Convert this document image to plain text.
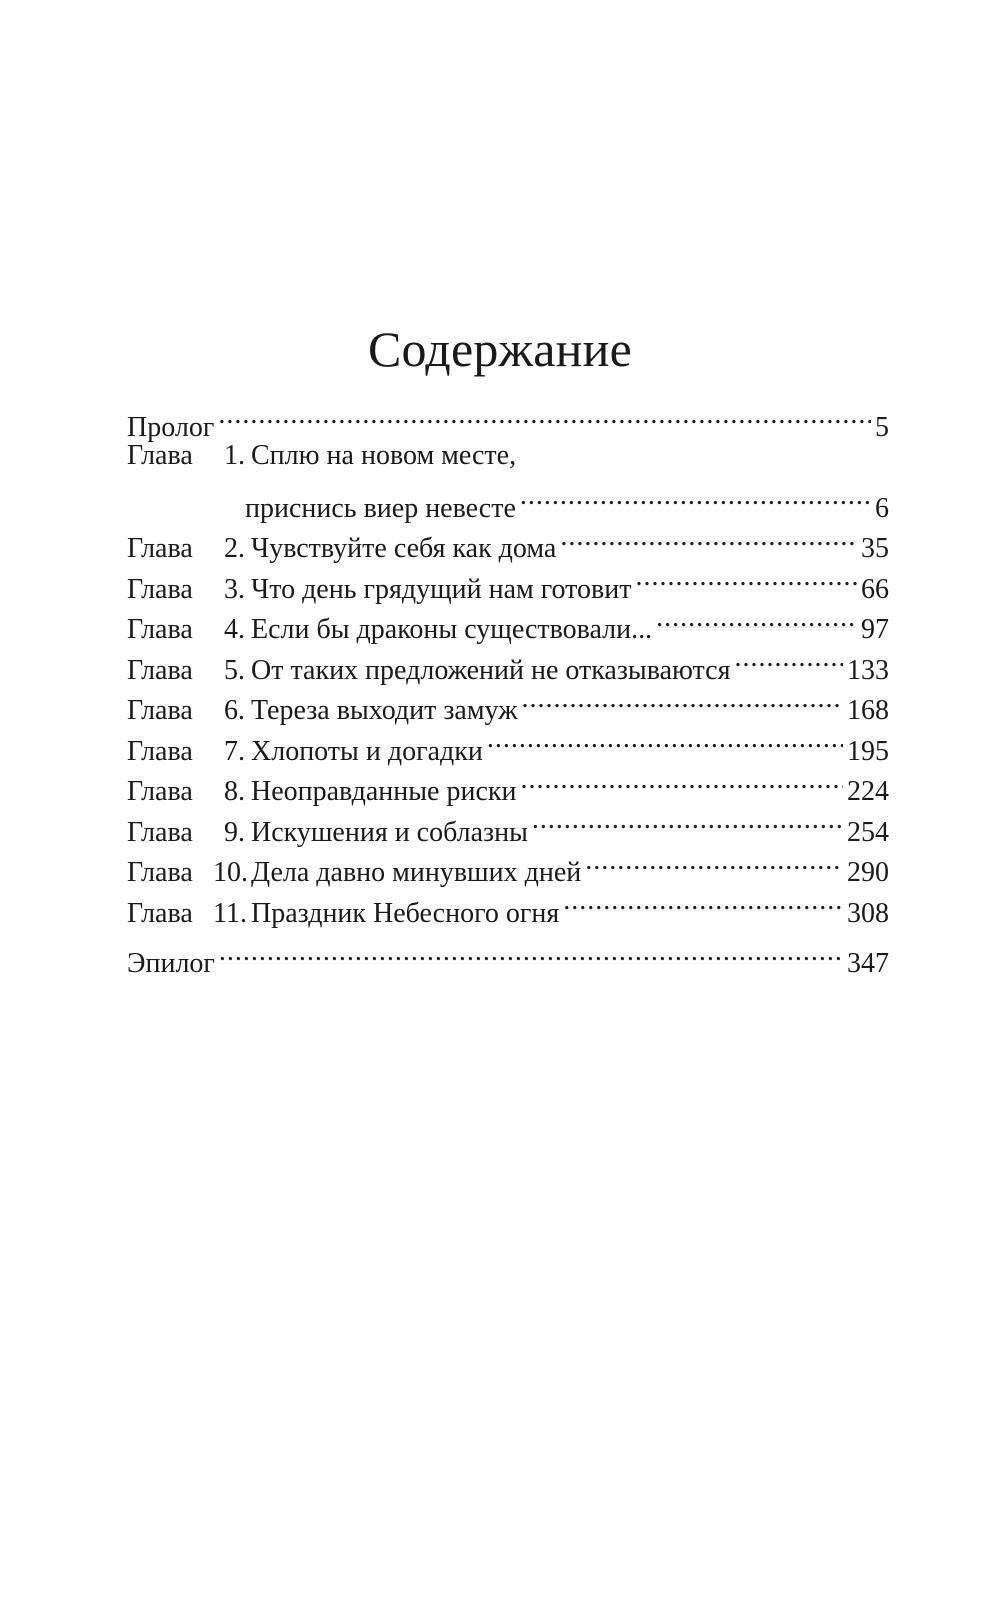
Содержание
Пролог . . .	5
Глава	1. Сплю на новом месте,
приснись виер невесте . . .	6
Глава	2. Чувствуйте себя как дома . . .	35
Глава	3. Что день грядущий нам готовит . . .	66
Глава	4. Если бы драконы существовали... . . .	97
Глава	5. От таких предложений не отказываются . . .	133
Глава	6. Тереза выходит замуж . . .	168
Глава	7. Хлопоты и догадки . . .	195
Глава	8. Неоправданные риски . . .	224
Глава	9. Искушения и соблазны . . .	254
Глава 10. Дела давно минувших дней . . .	290
Глава 11. Праздник Небесного огня . . .	308
Эпилог . . .	347
